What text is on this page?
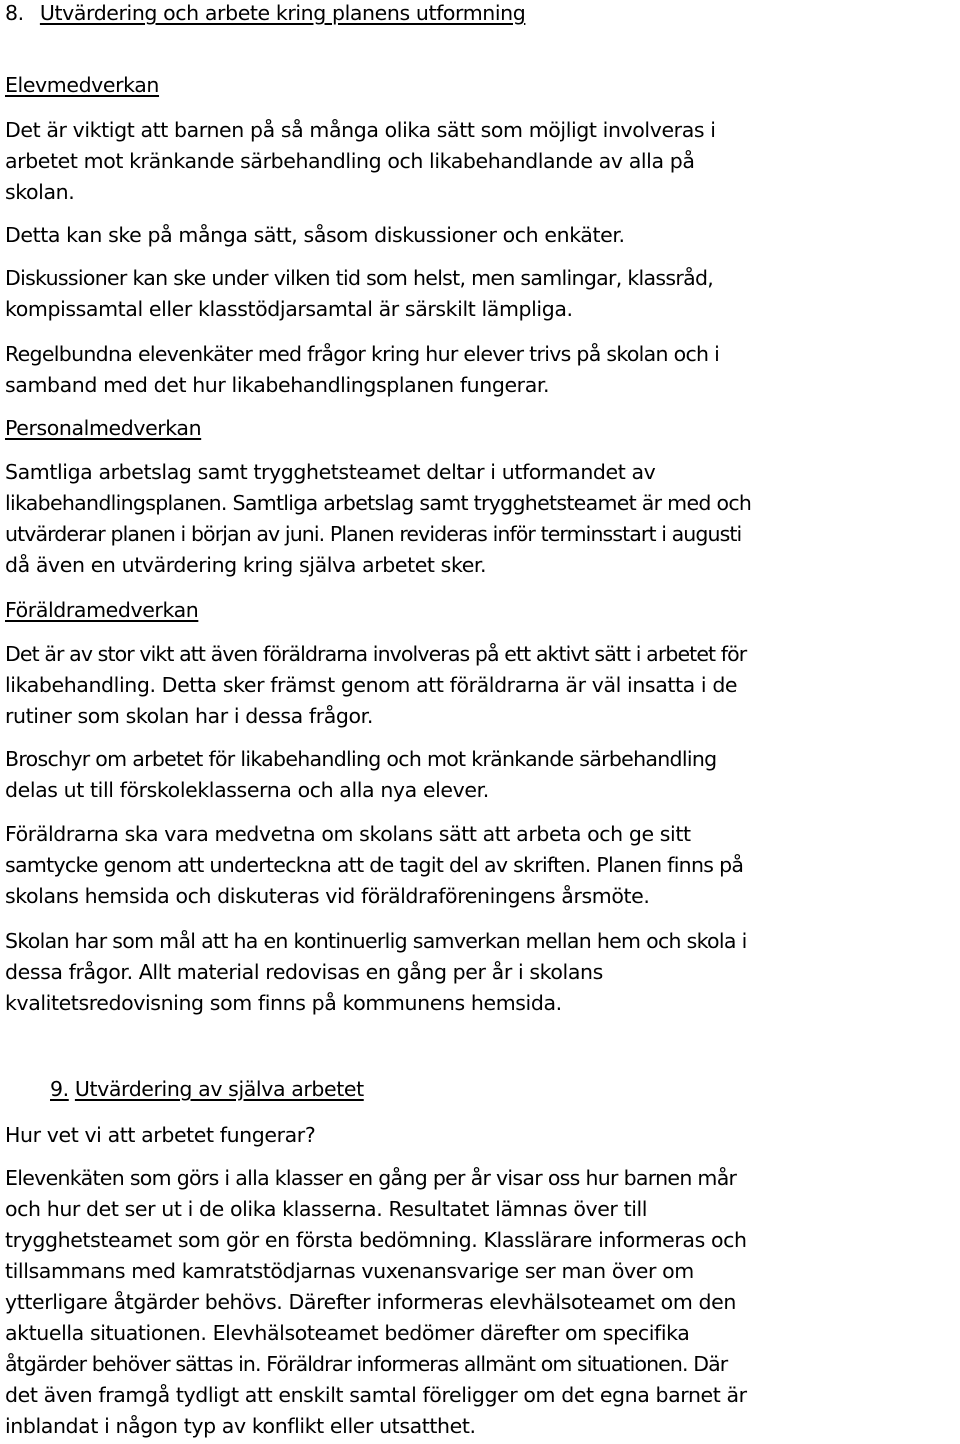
8. Utvärdering och arbete kring planens utformning
Elevmedverkan
Det är viktigt att barnen på så många olika sätt som möjligt involveras i
arbetet mot kränkande särbehandling och likabehandlande av alla på
skolan.
Detta kan ske på många sätt, såsom diskussioner och enkäter.
Diskussioner kan ske under vilken tid som helst, men samlingar, klassråd,
kompissamtal eller klasstödjarsamtal är särskilt lämpliga.
Regelbundna elevenkäter med frågor kring hur elever trivs på skolan och i
samband med det hur likabehandlingsplanen fungerar.
Personalmedverkan
Samtliga arbetslag samt trygghetsteamet deltar i utformandet av
likabehandlingsplanen. Samtliga arbetslag samt trygghetsteamet är med och
utvärderar planen i början av juni. Planen revideras inför terminsstart i augusti
då även en utvärdering kring själva arbetet sker.
Föräldramedverkan
Det är av stor vikt att även föräldrarna involveras på ett aktivt sätt i arbetet för
likabehandling. Detta sker främst genom att föräldrarna är väl insatta i de
rutiner som skolan har i dessa frågor.
Broschyr om arbetet för likabehandling och mot kränkande särbehandling
delas ut till förskoleklasserna och alla nya elever.
Föräldrarna ska vara medvetna om skolans sätt att arbeta och ge sitt
samtycke genom att underteckna att de tagit del av skriften. Planen finns på
skolans hemsida och diskuteras vid föräldraföreningens årsmöte.
Skolan har som mål att ha en kontinuerlig samverkan mellan hem och skola i
dessa frågor. Allt material redovisas en gång per år i skolans
kvalitetsredovisning som finns på kommunens hemsida.
9. Utvärdering av själva arbetet
Hur vet vi att arbetet fungerar?
Elevenkäten som görs i alla klasser en gång per år visar oss hur barnen mår
och hur det ser ut i de olika klasserna. Resultatet lämnas över till
trygghetsteamet som gör en första bedömning. Klasslärare informeras och
tillsammans med kamratstödjarnas vuxenansvarige ser man över om
ytterligare åtgärder behövs. Därefter informeras elevhälsoteamet om den
aktuella situationen. Elevhälsoteamet bedömer därefter om specifika
åtgärder behöver sättas in. Föräldrar informeras allmänt om situationen. Där
det även framgå tydligt att enskilt samtal föreligger om det egna barnet är
inblandat i någon typ av konflikt eller utsatthet.
